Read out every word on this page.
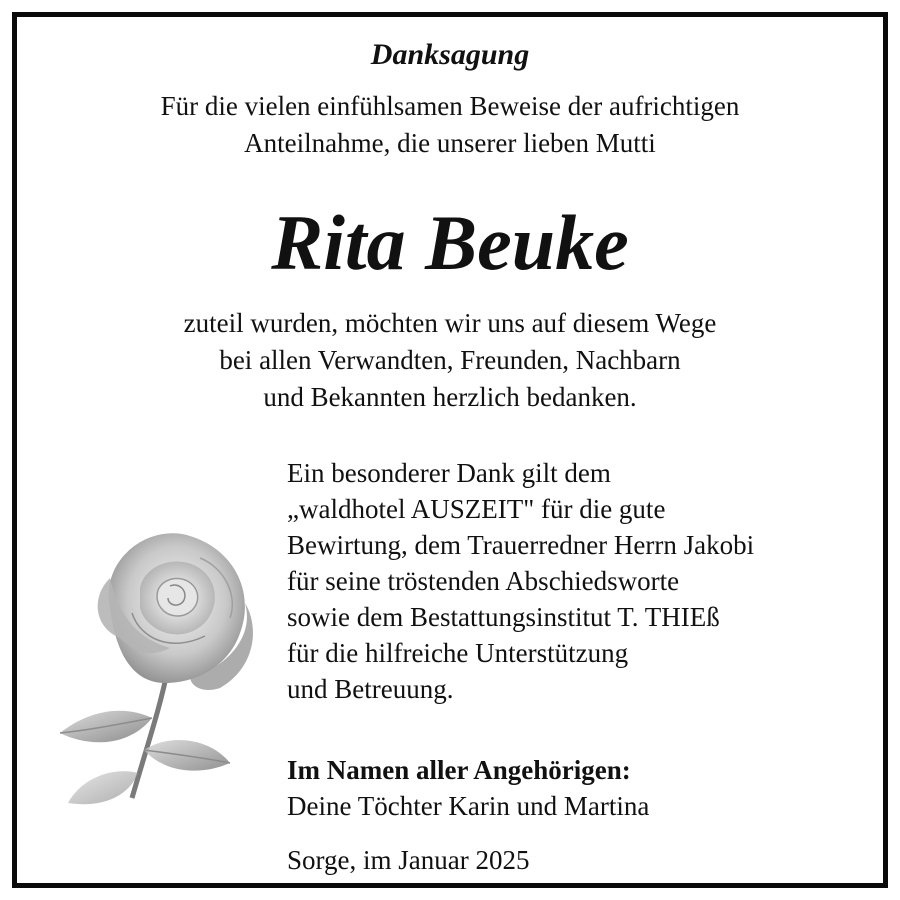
Danksagung

Für die vielen einfühlsamen Beweise der aufrichtigen
Anteilnahme, die unserer lieben Mutti

Rita Beuke

zuteil wurden, möchten wir uns auf diesem Wege
bei allen Verwandten, Freunden, Nachbarn
und Bekannten herzlich bedanken.

Ein besonderer Dank gilt dem
„waldhotel AUSZEIT" für die gute
Bewirtung, dem Trauerredner Herrn Jakobi
für seine tröstenden Abschiedsworte
sowie dem Bestattungsinstitut T. THIEß
für die hilfreiche Unterstützung
und Betreuung.

Im Namen aller Angehörigen:
Deine Töchter Karin und Martina

Sorge, im Januar 2025
